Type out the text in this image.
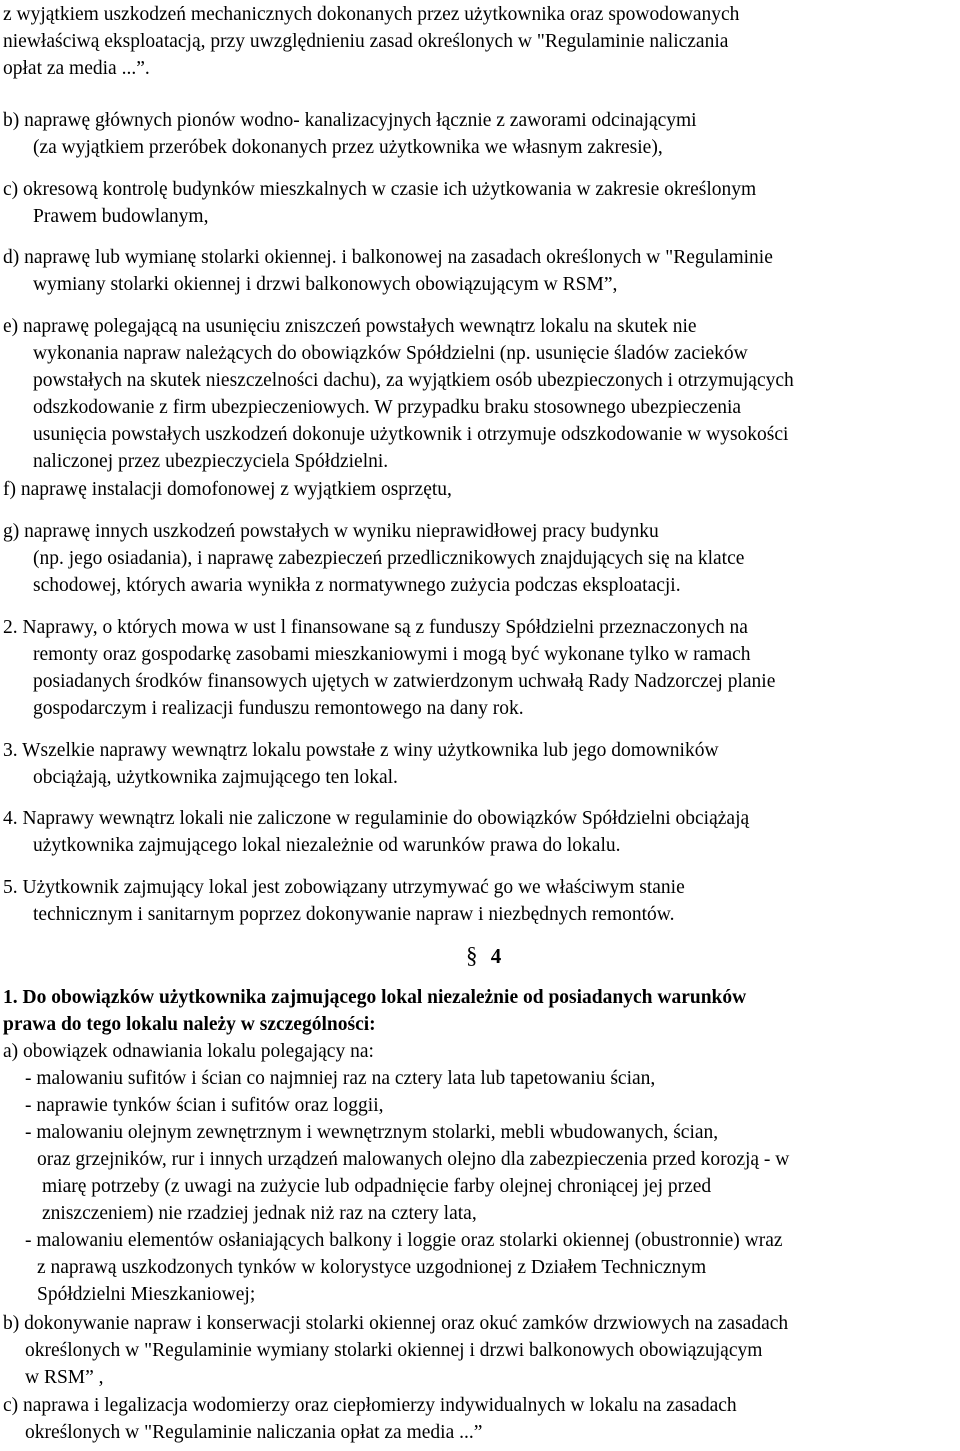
z wyjątkiem uszkodzeń mechanicznych dokonanych przez użytkownika oraz spowodowanych
niewłaściwą eksploatacją, przy uwzględnieniu zasad określonych w "Regulaminie naliczania
opłat za media ...”.
b) naprawę głównych pionów wodno- kanalizacyjnych łącznie z zaworami odcinającymi
(za wyjątkiem przeróbek dokonanych przez użytkownika we własnym zakresie),
c) okresową kontrolę budynków mieszkalnych w czasie ich użytkowania w zakresie określonym
Prawem budowlanym,
d) naprawę lub wymianę stolarki okiennej. i balkonowej na zasadach określonych w "Regulaminie
wymiany stolarki okiennej i drzwi balkonowych obowiązującym w RSM”,
e) naprawę polegającą na usunięciu zniszczeń powstałych wewnątrz lokalu na skutek nie
wykonania napraw należących do obowiązków Spółdzielni (np. usunięcie śladów zacieków
powstałych na skutek nieszczelności dachu), za wyjątkiem osób ubezpieczonych i otrzymujących
odszkodowanie z firm ubezpieczeniowych. W przypadku braku stosownego ubezpieczenia
usunięcia powstałych uszkodzeń dokonuje użytkownik i otrzymuje odszkodowanie w wysokości
naliczonej przez ubezpieczyciela Spółdzielni.
f) naprawę instalacji domofonowej z wyjątkiem osprzętu,
g) naprawę innych uszkodzeń powstałych w wyniku nieprawidłowej pracy budynku
(np. jego osiadania), i naprawę zabezpieczeń przedlicznikowych znajdujących się na klatce
schodowej, których awaria wynikła z normatywnego zużycia podczas eksploatacji.
2. Naprawy, o których mowa w ust l finansowane są z funduszy Spółdzielni przeznaczonych na
remonty oraz gospodarkę zasobami mieszkaniowymi i mogą być wykonane tylko w ramach
posiadanych środków finansowych ujętych w zatwierdzonym uchwałą Rady Nadzorczej planie
gospodarczym i realizacji funduszu remontowego na dany rok.
3. Wszelkie naprawy wewnątrz lokalu powstałe z winy użytkownika lub jego domowników
obciążają, użytkownika zajmującego ten lokal.
4. Naprawy wewnątrz lokali nie zaliczone w regulaminie do obowiązków Spółdzielni obciążają
użytkownika zajmującego lokal niezależnie od warunków prawa do lokalu.
5. Użytkownik zajmujący lokal jest zobowiązany utrzymywać go we właściwym stanie
technicznym i sanitarnym poprzez dokonywanie napraw i niezbędnych remontów.
§ 4
1. Do obowiązków użytkownika zajmującego lokal niezależnie od posiadanych warunków
prawa do tego lokalu należy w szczególności:
a) obowiązek odnawiania lokalu polegający na:
- malowaniu sufitów i ścian co najmniej raz na cztery lata lub tapetowaniu ścian,
- naprawie tynków ścian i sufitów oraz loggii,
- malowaniu olejnym zewnętrznym i wewnętrznym stolarki, mebli wbudowanych, ścian,
oraz grzejników, rur i innych urządzeń malowanych olejno dla zabezpieczenia przed korozją - w
miarę potrzeby (z uwagi na zużycie lub odpadnięcie farby olejnej chroniącej jej przed
zniszczeniem) nie rzadziej jednak niż raz na cztery lata,
- malowaniu elementów osłaniających balkony i loggie oraz stolarki okiennej (obustronnie) wraz
z naprawą uszkodzonych tynków w kolorystyce uzgodnionej z Działem Technicznym
Spółdzielni Mieszkaniowej;
b) dokonywanie napraw i konserwacji stolarki okiennej oraz okuć zamków drzwiowych na zasadach
określonych w "Regulaminie wymiany stolarki okiennej i drzwi balkonowych obowiązującym
w RSM” ,
c) naprawa i legalizacja wodomierzy oraz ciepłomierzy indywidualnych w lokalu na zasadach
określonych w "Regulaminie naliczania opłat za media ...”
